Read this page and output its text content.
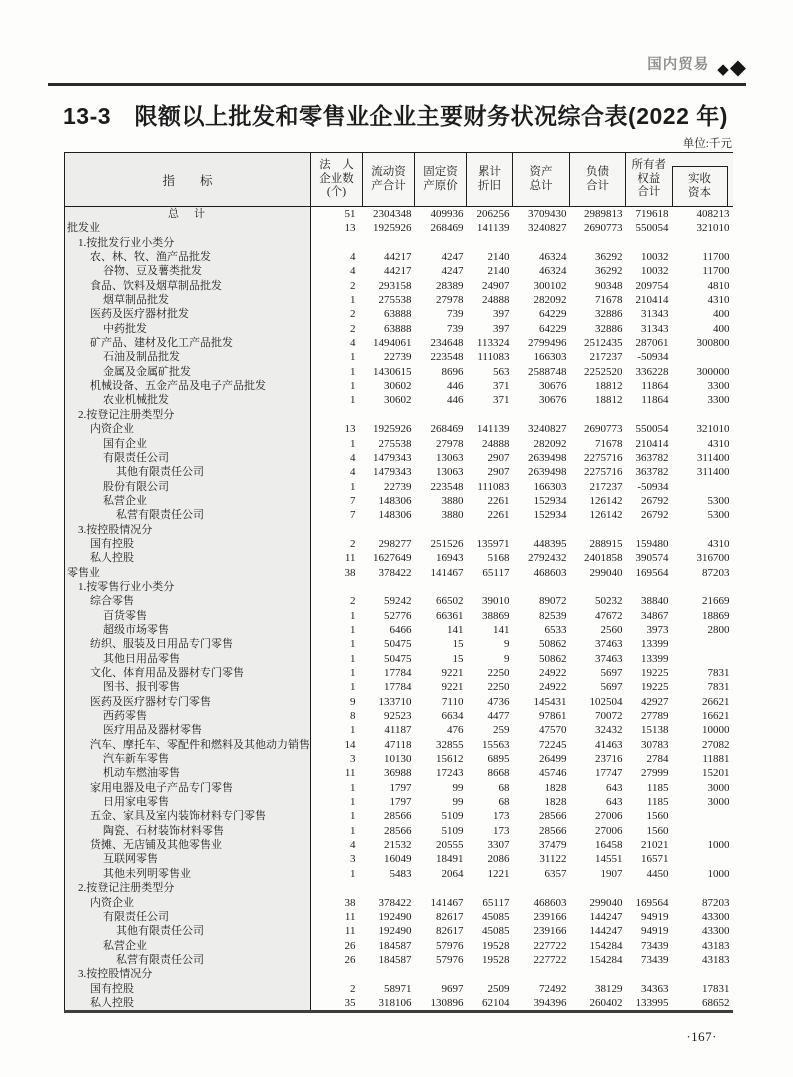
国内贸易 ◆ ◆
13-3　限额以上批发和零售业企业主要财务状况综合表(2022 年)
单位:千元
指　　标	
法　人
企业数
(个)

流动资
产合计

固定资
产原价

累计
折旧

资产
总计

负债
合计

所有者
权益
合计

实收
资本

总　计	51	2304348	409936	206256	3709430	2989813	719618	408213
批发业	13	1925926	268469	141139	3240827	2690773	550054	321010
1.按批发行业小类分								
农、林、牧、渔产品批发	4	44217	4247	2140	46324	36292	10032	11700
谷物、豆及薯类批发	4	44217	4247	2140	46324	36292	10032	11700
食品、饮料及烟草制品批发	2	293158	28389	24907	300102	90348	209754	4810
烟草制品批发	1	275538	27978	24888	282092	71678	210414	4310
医药及医疗器材批发	2	63888	739	397	64229	32886	31343	400
中药批发	2	63888	739	397	64229	32886	31343	400
矿产品、建材及化工产品批发	4	1494061	234648	113324	2799496	2512435	287061	300800
石油及制品批发	1	22739	223548	111083	166303	217237	-50934	
金属及金属矿批发	1	1430615	8696	563	2588748	2252520	336228	300000
机械设备、五金产品及电子产品批发	1	30602	446	371	30676	18812	11864	3300
农业机械批发	1	30602	446	371	30676	18812	11864	3300
2.按登记注册类型分								
内资企业	13	1925926	268469	141139	3240827	2690773	550054	321010
国有企业	1	275538	27978	24888	282092	71678	210414	4310
有限责任公司	4	1479343	13063	2907	2639498	2275716	363782	311400
其他有限责任公司	4	1479343	13063	2907	2639498	2275716	363782	311400
股份有限公司	1	22739	223548	111083	166303	217237	-50934	
私营企业	7	148306	3880	2261	152934	126142	26792	5300
私营有限责任公司	7	148306	3880	2261	152934	126142	26792	5300
3.按控股情况分								
国有控股	2	298277	251526	135971	448395	288915	159480	4310
私人控股	11	1627649	16943	5168	2792432	2401858	390574	316700
零售业	38	378422	141467	65117	468603	299040	169564	87203
1.按零售行业小类分								
综合零售	2	59242	66502	39010	89072	50232	38840	21669
百货零售	1	52776	66361	38869	82539	47672	34867	18869
超级市场零售	1	6466	141	141	6533	2560	3973	2800
纺织、服装及日用品专门零售	1	50475	15	9	50862	37463	13399	
其他日用品零售	1	50475	15	9	50862	37463	13399	
文化、体育用品及器材专门零售	1	17784	9221	2250	24922	5697	19225	7831
图书、报刊零售	1	17784	9221	2250	24922	5697	19225	7831
医药及医疗器材专门零售	9	133710	7110	4736	145431	102504	42927	26621
西药零售	8	92523	6634	4477	97861	70072	27789	16621
医疗用品及器材零售	1	41187	476	259	47570	32432	15138	10000
汽车、摩托车、零配件和燃料及其他动力销售	14	47118	32855	15563	72245	41463	30783	27082
汽车新车零售	3	10130	15612	6895	26499	23716	2784	11881
机动车燃油零售	11	36988	17243	8668	45746	17747	27999	15201
家用电器及电子产品专门零售	1	1797	99	68	1828	643	1185	3000
日用家电零售	1	1797	99	68	1828	643	1185	3000
五金、家具及室内装饰材料专门零售	1	28566	5109	173	28566	27006	1560	
陶瓷、石材装饰材料零售	1	28566	5109	173	28566	27006	1560	
货摊、无店铺及其他零售业	4	21532	20555	3307	37479	16458	21021	1000
互联网零售	3	16049	18491	2086	31122	14551	16571	
其他未列明零售业	1	5483	2064	1221	6357	1907	4450	1000
2.按登记注册类型分								
内资企业	38	378422	141467	65117	468603	299040	169564	87203
有限责任公司	11	192490	82617	45085	239166	144247	94919	43300
其他有限责任公司	11	192490	82617	45085	239166	144247	94919	43300
私营企业	26	184587	57976	19528	227722	154284	73439	43183
私营有限责任公司	26	184587	57976	19528	227722	154284	73439	43183
3.按控股情况分								
国有控股	2	58971	9697	2509	72492	38129	34363	17831
私人控股	35	318106	130896	62104	394396	260402	133995	68652
·167·
